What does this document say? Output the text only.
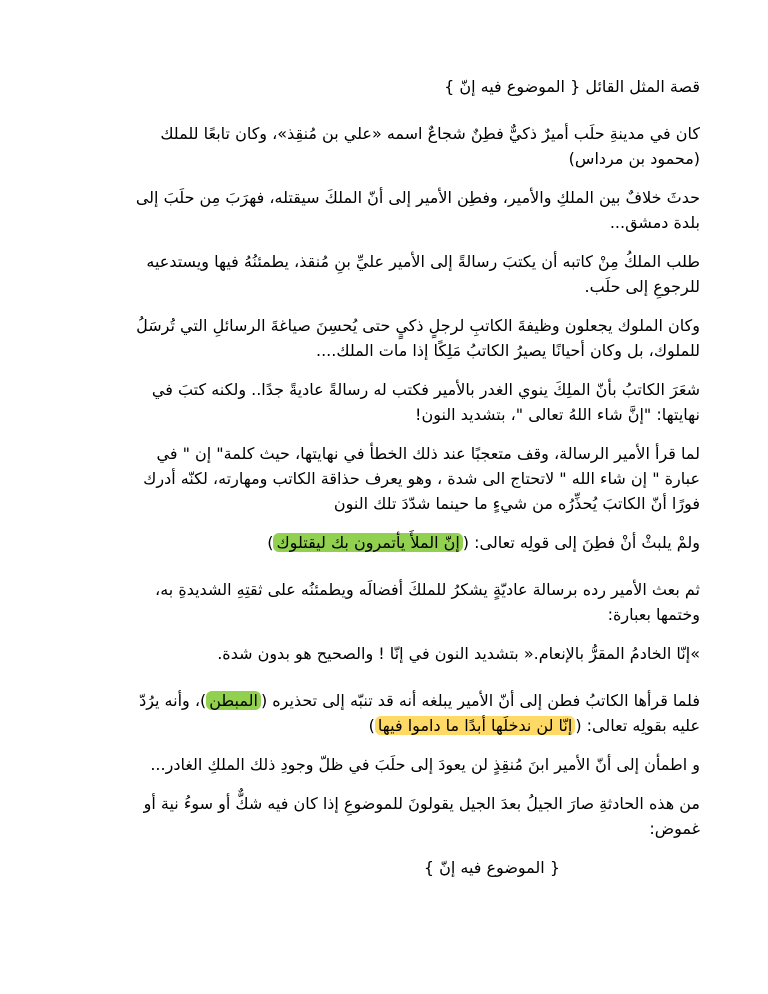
قصة المثل القائل { الموضوع فيه إنّ }

كان في مدينةِ حلَب أميرٌ ذكيٌّ فطِنٌ شجاعٌ اسمه «علي بن مُنقِذ»، وكان تابعًا للملك (محمود بن مرداس)

حدثَ خلافٌ بين الملكِ والأمير، وفطِن الأمير إلى أنّ الملكَ سيقتله، فهرَبَ مِن حلَبَ إلى بلدة دمشق...

طلب الملكُ مِنْ كاتبه أن يكتبَ رسالةً إلى الأمير عليِّ بنِ مُنقذ، يطمئنُهُ فيها ويستدعيه للرجوعِ إلى حلَب.

وكان الملوك يجعلون وظيفةَ الكاتبِ لرجلٍ ذكيٍ حتى يُحسِنَ صياغةَ الرسائلِ التي تُرسَلُ للملوك، بل وكان أحيانًا يصيرُ الكاتبُ مَلِكًا إذا مات الملك....

شعَرَ الكاتبُ بأنّ الملِكَ ينوي الغدر بالأمير فكتب له رسالةً عاديةً جدًا.. ولكنه كتبَ في نهايتها: "إنَّ شاء اللهُ تعالى "، بتشديد النون!

لما قرأ الأمير الرسالة، وقف متعجبًا عند ذلك الخطأ في نهايتها، حيث كلمة" إن " في عبارة " إن شاء الله " لاتحتاج الى شدة ، وهو يعرف حذاقة الكاتب ومهارته، لكنّه أدرك فورًا أنّ الكاتبَ يُحذِّرُه من شيءٍ ما حينما شدّدَ تلك النون

ولمْ يلبثْ أنْ فطِنَ إلى قولِه تعالى: (إنّ الملأَ يأتمرون بك ليقتلوك)

ثم بعث الأمير رده برسالة عاديّةٍ يشكرُ للملكَ أفضالَه ويطمئنُه على ثقتِهِ الشديدةِ به، وختمها بعبارة:

»إنّا الخادمُ المقرُّ بالإنعام.« بتشديد النون في إنّا ! والصحيح هو بدون شدة.

فلما قرأها الكاتبُ فطن إلى أنّ الأمير يبلغه أنه قد تنبّه إلى تحذيره (المبطن)، وأنه يرُدّ عليه بقولِه تعالى: (إنّا لن ندخلَها أبدًا ما داموا فيها)

و اطمأن إلى أنّ الأمير ابنَ مُنقِذٍ لن يعودَ إلى حلَبَ في ظلّ وجودِ ذلك الملكِ الغادر...

من هذه الحادثةِ صارَ الجيلُ بعدَ الجيل يقولونَ للموضوعِ إذا كان فيه شكٌّ أو سوءُ نية أو غموض:

{ الموضوع فيه إنّ }
